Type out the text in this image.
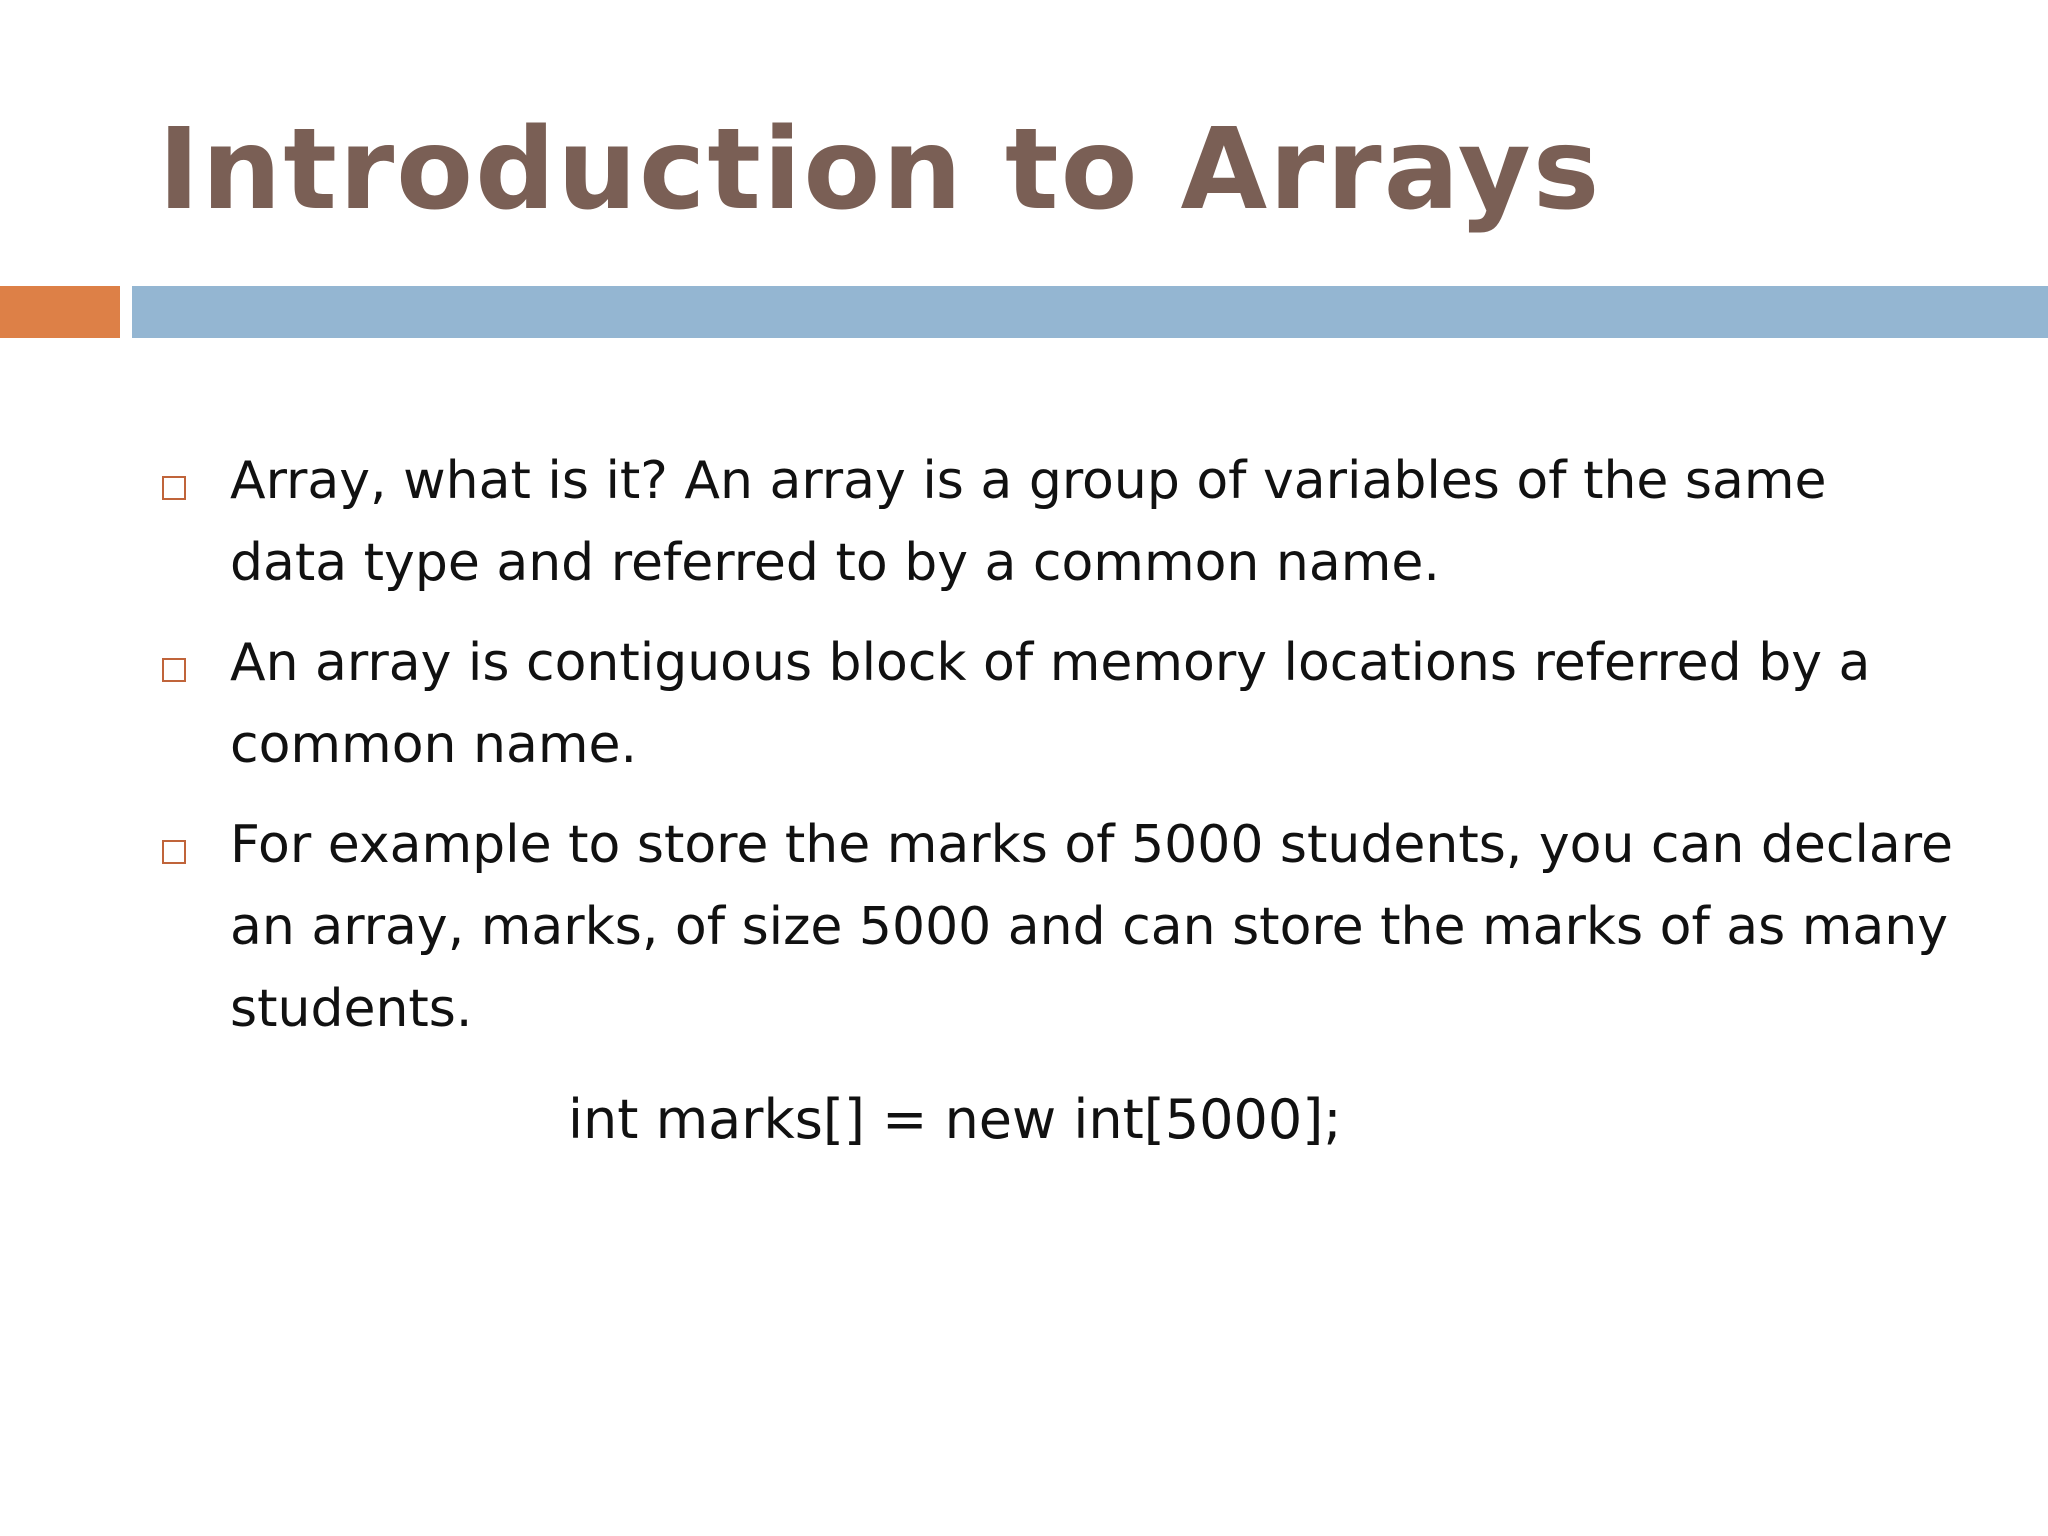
Introduction to Arrays
Array, what is it? An array is a group of variables of the same data type and referred to by a common name.
An array is contiguous block of memory locations referred by a common name.
For example to store the marks of 5000 students, you can declare an array, marks, of size 5000 and can store the marks of as many students.

int marks[] = new int[5000];
